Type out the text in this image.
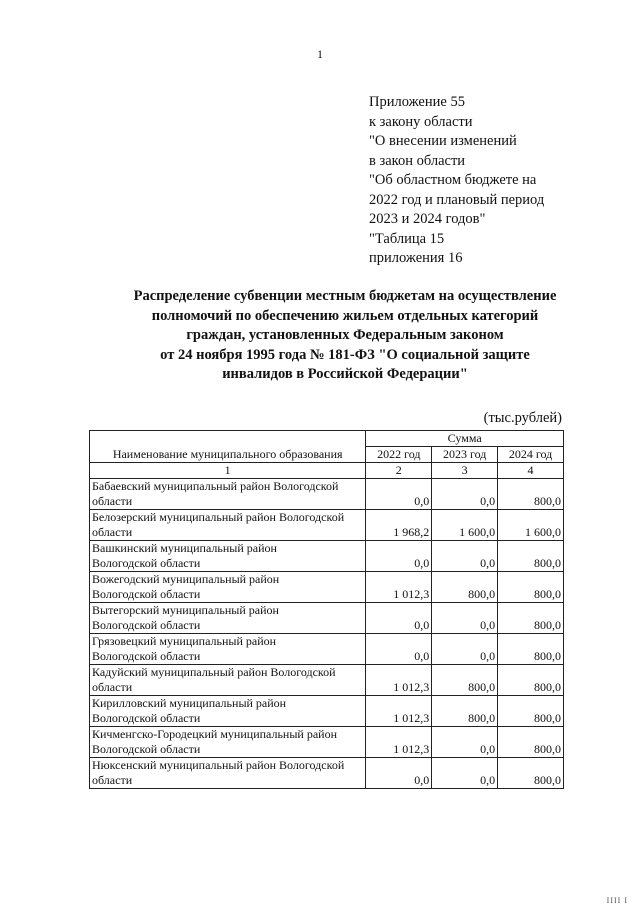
1
Приложение 55
к закону области
"О внесении изменений
в закон области
"Об областном бюджете на
2022 год и плановый период
2023 и 2024 годов"
"Таблица 15
приложения 16
Распределение субвенции местным бюджетам на осуществление
полномочий по обеспечению жильем отдельных категорий
граждан, установленных Федеральным законом
от 24 ноября 1995 года № 181-ФЗ "О социальной защите
инвалидов в Российской Федерации"
(тыс.рублей)
Наименование муниципального образования	Сумма		
	2022 год	2023 год	2024 год
1	2	3	4

Бабаевский муниципальный район Вологодской
области	0,0	0,0	800,0

Белозерский муниципальный район Вологодской
области	1 968,2	1 600,0	1 600,0

Вашкинский муниципальный район
Вологодской области	0,0	0,0	800,0

Вожегодский муниципальный район
Вологодской области	1 012,3	800,0	800,0

Вытегорский муниципальный район
Вологодской области	0,0	0,0	800,0

Грязовецкий муниципальный район
Вологодской области	0,0	0,0	800,0

Кадуйский муниципальный район Вологодской
области	1 012,3	800,0	800,0

Кирилловский муниципальный район
Вологодской области	1 012,3	800,0	800,0

Кичменгско-Городецкий муниципальный район
Вологодской области	1 012,3	0,0	800,0

Нюксенский муниципальный район Вологодской
области	0,0	0,0	800,0
IIII I
